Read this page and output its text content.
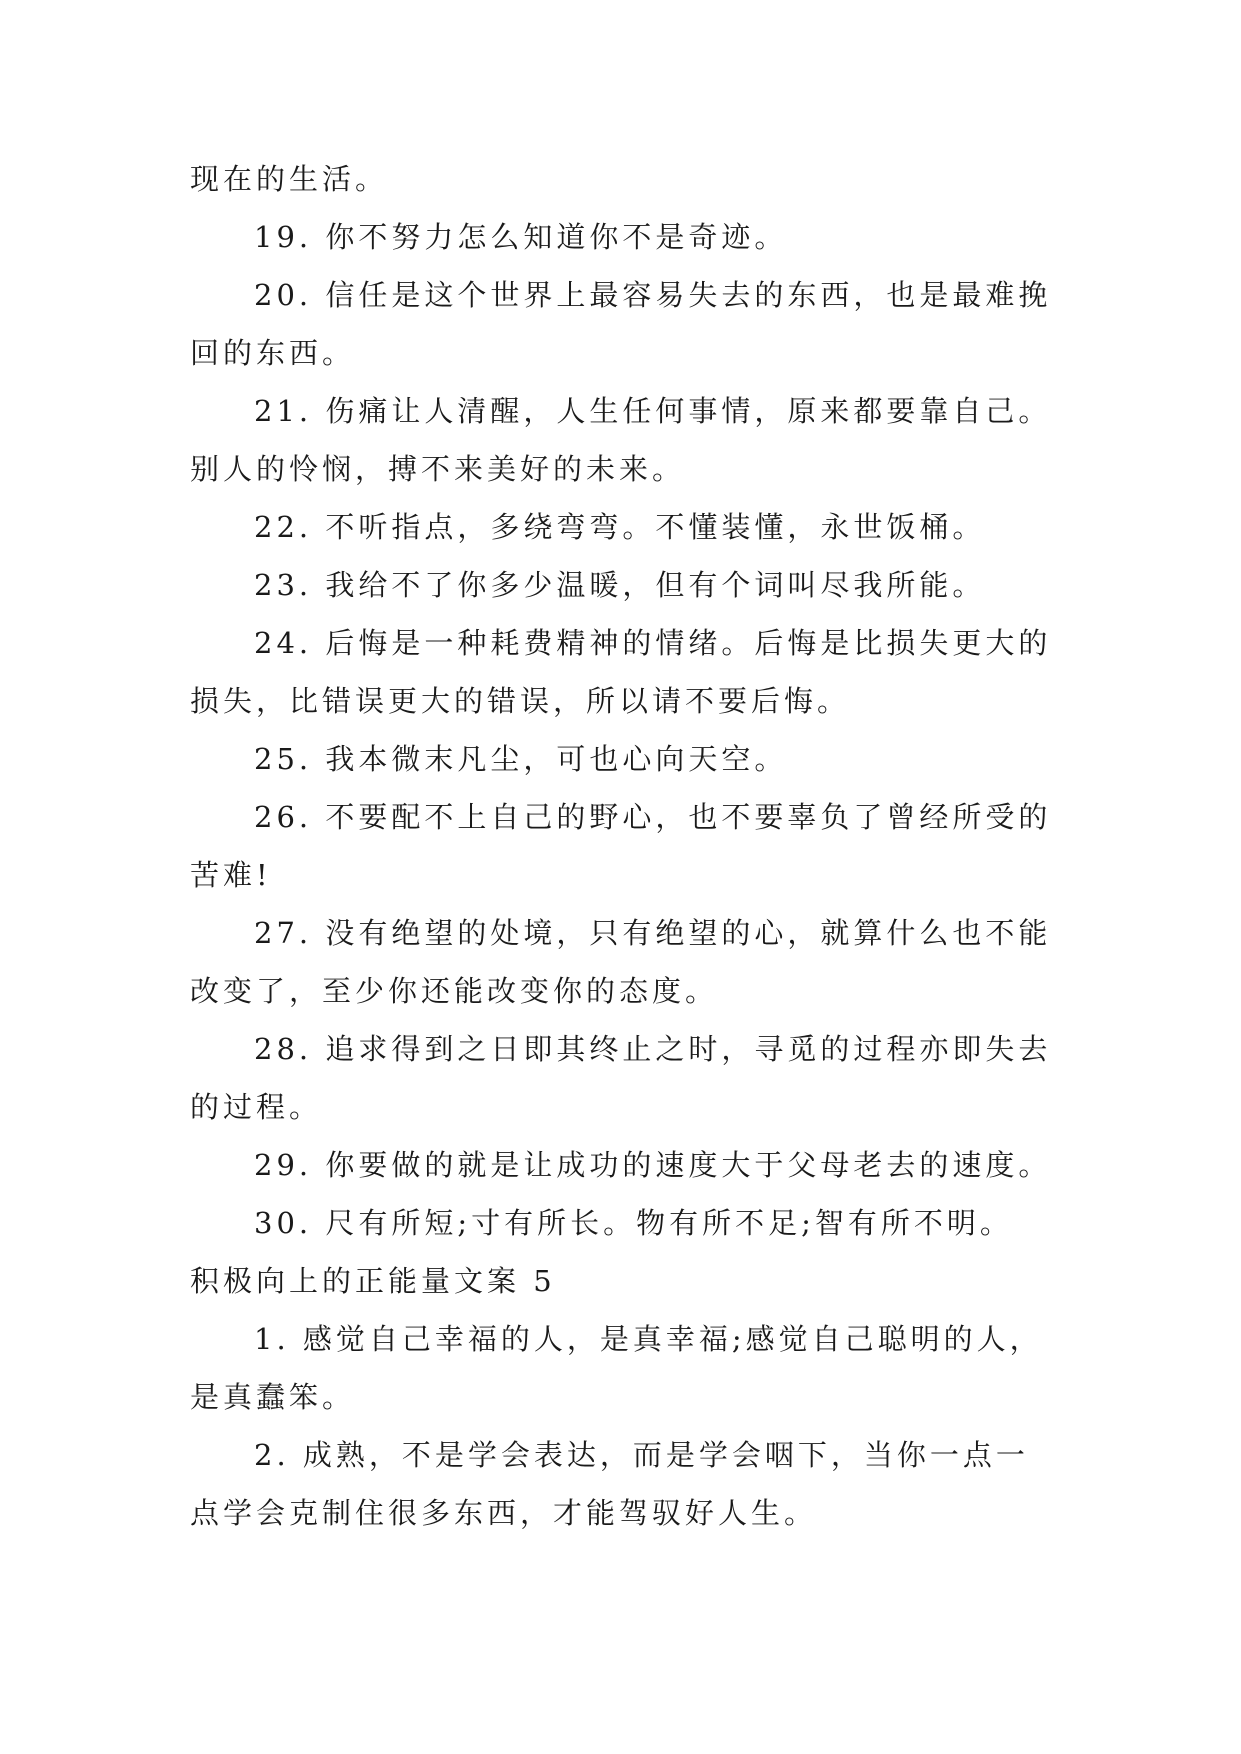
现在的生活。
19. 你不努力怎么知道你不是奇迹。
20. 信任是这个世界上最容易失去的东西，也是最难挽
回的东西。
21. 伤痛让人清醒，人生任何事情，原来都要靠自己。
别人的怜悯，搏不来美好的未来。
22. 不听指点，多绕弯弯。不懂装懂，永世饭桶。
23. 我给不了你多少温暖，但有个词叫尽我所能。
24. 后悔是一种耗费精神的情绪。后悔是比损失更大的
损失，比错误更大的错误，所以请不要后悔。
25. 我本微末凡尘，可也心向天空。
26. 不要配不上自己的野心，也不要辜负了曾经所受的
苦难!
27. 没有绝望的处境，只有绝望的心，就算什么也不能
改变了，至少你还能改变你的态度。
28. 追求得到之日即其终止之时，寻觅的过程亦即失去
的过程。
29. 你要做的就是让成功的速度大于父母老去的速度。
30. 尺有所短;寸有所长。物有所不足;智有所不明。
积极向上的正能量文案 5
1. 感觉自己幸福的人，是真幸福;感觉自己聪明的人，
是真蠢笨。
2. 成熟，不是学会表达，而是学会咽下，当你一点一
点学会克制住很多东西，才能驾驭好人生。
